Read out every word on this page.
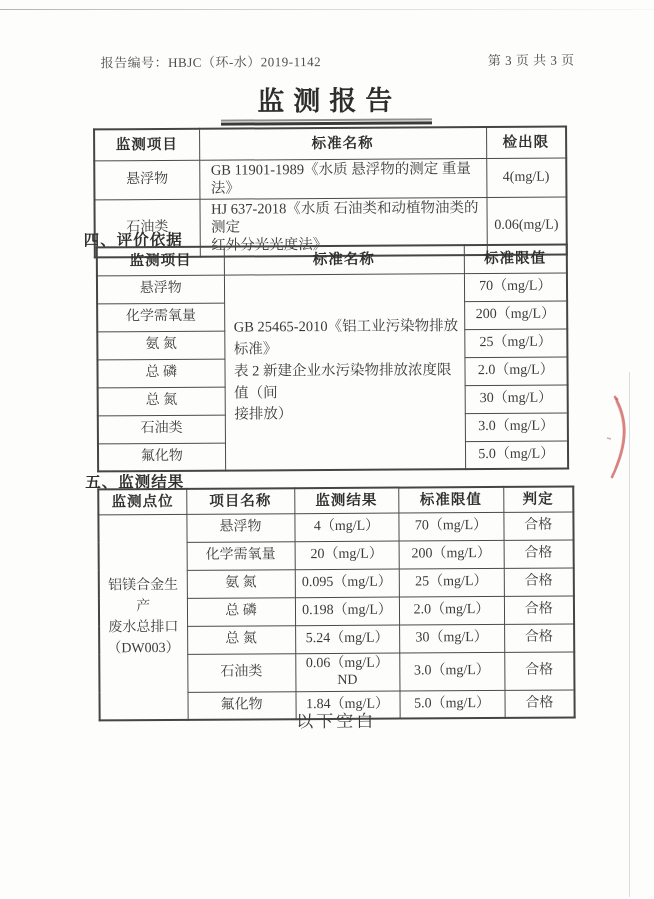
报告编号：HBJC（环-水）2019-1142	第 3 页 共 3 页
监测报告
监测项目	标准名称	检出限
悬浮物	GB 11901-1989《水质 悬浮物的测定 重量法》	4(mg/L)
石油类	HJ 637-2018《水质 石油类和动植物油类的测定
红外分光光度法》	0.06(mg/L)
四、评价依据
监测项目	标准名称	标准限值
悬浮物	GB 25465-2010《铝工业污染物排放标准》
表 2 新建企业水污染物排放浓度限值（间
接排放）	70（mg/L）
化学需氧量		200（mg/L）
氨 氮		25（mg/L）
总 磷		2.0（mg/L）
总 氮		30（mg/L）
石油类		3.0（mg/L）
氟化物		5.0（mg/L）
五、监测结果
监测点位	项目名称	监测结果	标准限值	判定
铝镁合金生产
废水总排口
（DW003）	悬浮物	4（mg/L）	70（mg/L）	合格
	化学需氧量	20（mg/L）	200（mg/L）	合格
	氨 氮	0.095（mg/L）	25（mg/L）	合格
	总 磷	0.198（mg/L）	2.0（mg/L）	合格
	总 氮	5.24（mg/L）	30（mg/L）	合格
	石油类	0.06（mg/L）ND	3.0（mg/L）	合格
	氟化物	1.84（mg/L）	5.0（mg/L）	合格
以下空白
